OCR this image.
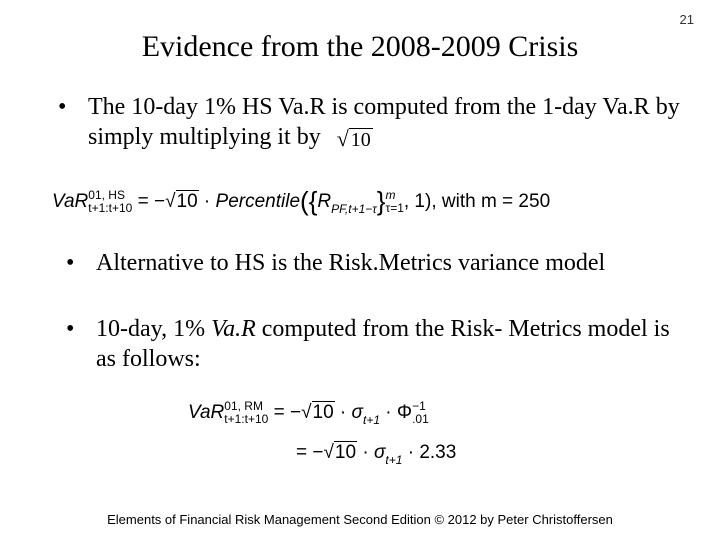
21
Evidence from the 2008-2009 Crisis
• The 10-day 1% HS Va.R is computed from the 1-day Va.R by simply multiplying it by √ 10
VaR 01, HS
t+1:t+10 = $-√10 \cdot Percentile(\{R_{PF,t+1-\tau}\}$ m
τ=1 , 1), with m = 250
• Alternative to HS is the Risk.Metrics variance model
• 10-day, 1% Va.R computed from the Risk- Metrics model is as follows:
VaR 01, RM
t+1:t+10 = $-√10 \cdot \sigma_{t+1} \cdot \Phi -1$
.01
= $-√10 \cdot \sigma_{t+1} \cdot 2.33$
Elements of Financial Risk Management Second Edition © 2012 by Peter Christoffersen
